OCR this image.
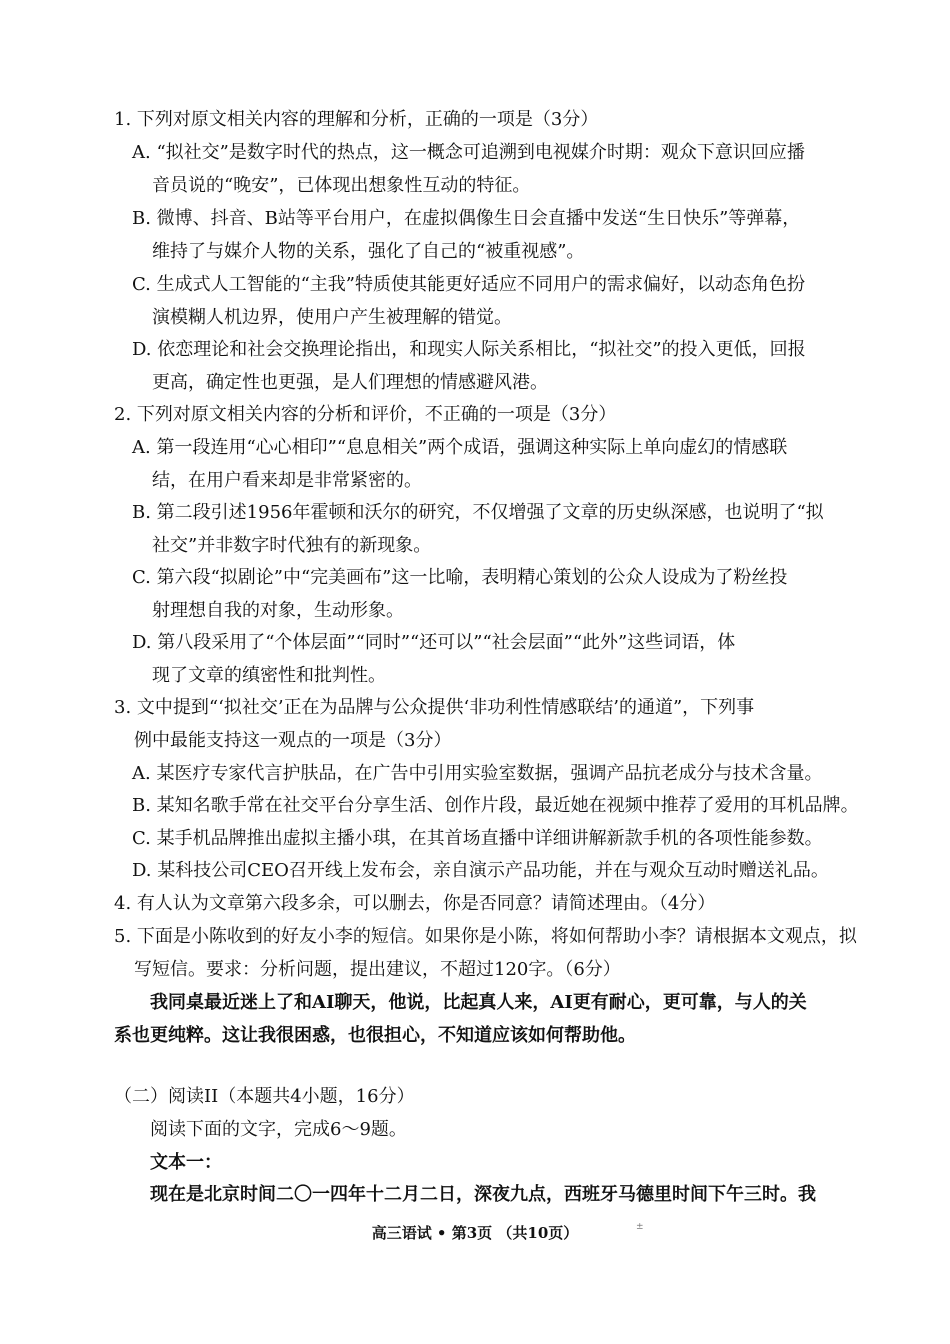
1. 下列对原文相关内容的理解和分析，正确的一项是（3分）
A. “拟社交”是数字时代的热点，这一概念可追溯到电视媒介时期：观众下意识回应播
音员说的“晚安”，已体现出想象性互动的特征。
B. 微博、抖音、B站等平台用户，在虚拟偶像生日会直播中发送“生日快乐”等弹幕，
维持了与媒介人物的关系，强化了自己的“被重视感”。
C. 生成式人工智能的“主我”特质使其能更好适应不同用户的需求偏好，以动态角色扮
演模糊人机边界，使用户产生被理解的错觉。
D. 依恋理论和社会交换理论指出，和现实人际关系相比，“拟社交”的投入更低，回报
更高，确定性也更强，是人们理想的情感避风港。
2. 下列对原文相关内容的分析和评价，不正确的一项是（3分）
A. 第一段连用“心心相印”“息息相关”两个成语，强调这种实际上单向虚幻的情感联
结，在用户看来却是非常紧密的。
B. 第二段引述1956年霍顿和沃尔的研究，不仅增强了文章的历史纵深感，也说明了“拟
社交”并非数字时代独有的新现象。
C. 第六段“拟剧论”中“完美画布”这一比喻，表明精心策划的公众人设成为了粉丝投
射理想自我的对象，生动形象。
D. 第八段采用了“个体层面”“同时”“还可以”“社会层面”“此外”这些词语，体
现了文章的缜密性和批判性。
3. 文中提到“‘拟社交’正在为品牌与公众提供‘非功利性情感联结’的通道”，下列事
例中最能支持这一观点的一项是（3分）
A. 某医疗专家代言护肤品，在广告中引用实验室数据，强调产品抗老成分与技术含量。
B. 某知名歌手常在社交平台分享生活、创作片段，最近她在视频中推荐了爱用的耳机品牌。
C. 某手机品牌推出虚拟主播小琪，在其首场直播中详细讲解新款手机的各项性能参数。
D. 某科技公司CEO召开线上发布会，亲自演示产品功能，并在与观众互动时赠送礼品。
4. 有人认为文章第六段多余，可以删去，你是否同意？请简述理由。（4分）
5. 下面是小陈收到的好友小李的短信。如果你是小陈，将如何帮助小李？请根据本文观点，拟
写短信。要求：分析问题，提出建议，不超过120字。（6分）
我同桌最近迷上了和AI聊天，他说，比起真人来，AI更有耐心，更可靠，与人的关
系也更纯粹。这让我很困惑，也很担心，不知道应该如何帮助他。
（二）阅读II（本题共4小题，16分）
阅读下面的文字，完成6～9题。
文本一：
现在是北京时间二〇一四年十二月二日，深夜九点，西班牙马德里时间下午三时。我
高三语试 • 第3页 （共10页）	±
